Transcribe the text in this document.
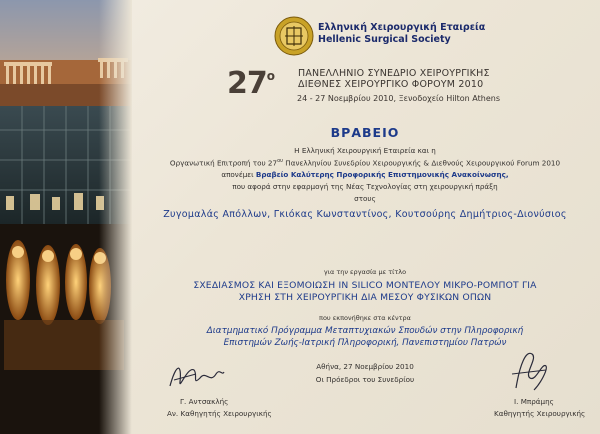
Ελληνική Χειρουργική Εταιρεία
Hellenic Surgical Society
27$^o$	ΠΑΝΕΛΛΗΝΙΟ ΣΥΝΕΔΡΙΟ ΧΕΙΡΟΥΡΓΙΚΗΣ
ΔΙΕΘΝΕΣ ΧΕΙΡΟΥΡΓΙΚΟ ΦΟΡΟΥΜ 2010
24 - 27 Νοεμβρίου 2010, Ξενοδοχείο Hilton Athens
ΒΡΑΒΕΙΟ
Η Ελληνική Χειρουργική Εταιρεία και η
Οργανωτική Επιτροπή του $27^{o\upsilon}$ Πανελληνίου Συνεδρίου Χειρουργικής & Διεθνούς Χειρουργικού Forum 2010
απονέμει Βραβείο Καλύτερης Προφορικής Επιστημονικής Ανακοίνωσης,
που αφορά στην εφαρμογή της Νέας Τεχνολογίας στη χειρουργική πράξη
στους
Ζυγομαλάς Απόλλων, Γκιόκας Κωνσταντίνος, Κουτσούρης Δημήτριος-Διονύσιος
για την εργασία με τίτλο
ΣΧΕΔΙΑΣΜΟΣ ΚΑΙ ΕΞΟΜΟΙΩΣΗ IN SILICO ΜΟΝΤΕΛΟΥ ΜΙΚΡΟ-ΡΟΜΠΟΤ ΓΙΑ
ΧΡΗΣΗ ΣΤΗ ΧΕΙΡΟΥΡΓΙΚΗ ΔΙΑ ΜΕΣΟΥ ΦΥΣΙΚΩΝ ΟΠΩΝ
που εκπονήθηκε στα κέντρα
Διατμηματικό Πρόγραμμα Μεταπτυχιακών Σπουδών στην Πληροφορική
Επιστημών Ζωής-Ιατρική Πληροφορική, Πανεπιστημίου Πατρών
Αθήνα, 27 Νοεμβρίου 2010
Οι Πρόεδροι του Συνεδρίου
Γ. Αντσακλής
Αν. Καθηγητής Χειρουργικής
Ι. Μπράμης
Καθηγητής Χειρουργικής
